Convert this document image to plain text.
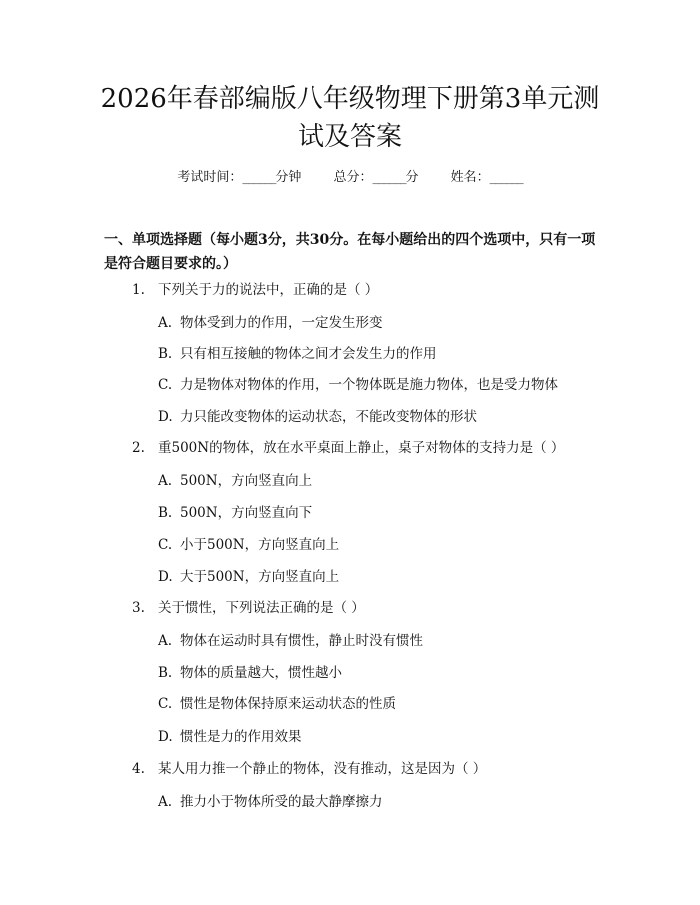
2026年春部编版八年级物理下册第3单元测
试及答案
考试时间：______分钟 总分：______分 姓名：______

一、单项选择题（每小题3分，共30分。在每小题给出的四个选项中，只有一项
是符合题目要求的。）

1. 下列关于力的说法中，正确的是（ ）
A. 物体受到力的作用，一定发生形变
B. 只有相互接触的物体之间才会发生力的作用
C. 力是物体对物体的作用，一个物体既是施力物体，也是受力物体
D. 力只能改变物体的运动状态，不能改变物体的形状
2. 重500N的物体，放在水平桌面上静止，桌子对物体的支持力是（ ）
A. 500N，方向竖直向上
B. 500N，方向竖直向下
C. 小于500N，方向竖直向上
D. 大于500N，方向竖直向上
3. 关于惯性，下列说法正确的是（ ）
A. 物体在运动时具有惯性，静止时没有惯性
B. 物体的质量越大，惯性越小
C. 惯性是物体保持原来运动状态的性质
D. 惯性是力的作用效果
4. 某人用力推一个静止的物体，没有推动，这是因为（ ）
A. 推力小于物体所受的最大静摩擦力
